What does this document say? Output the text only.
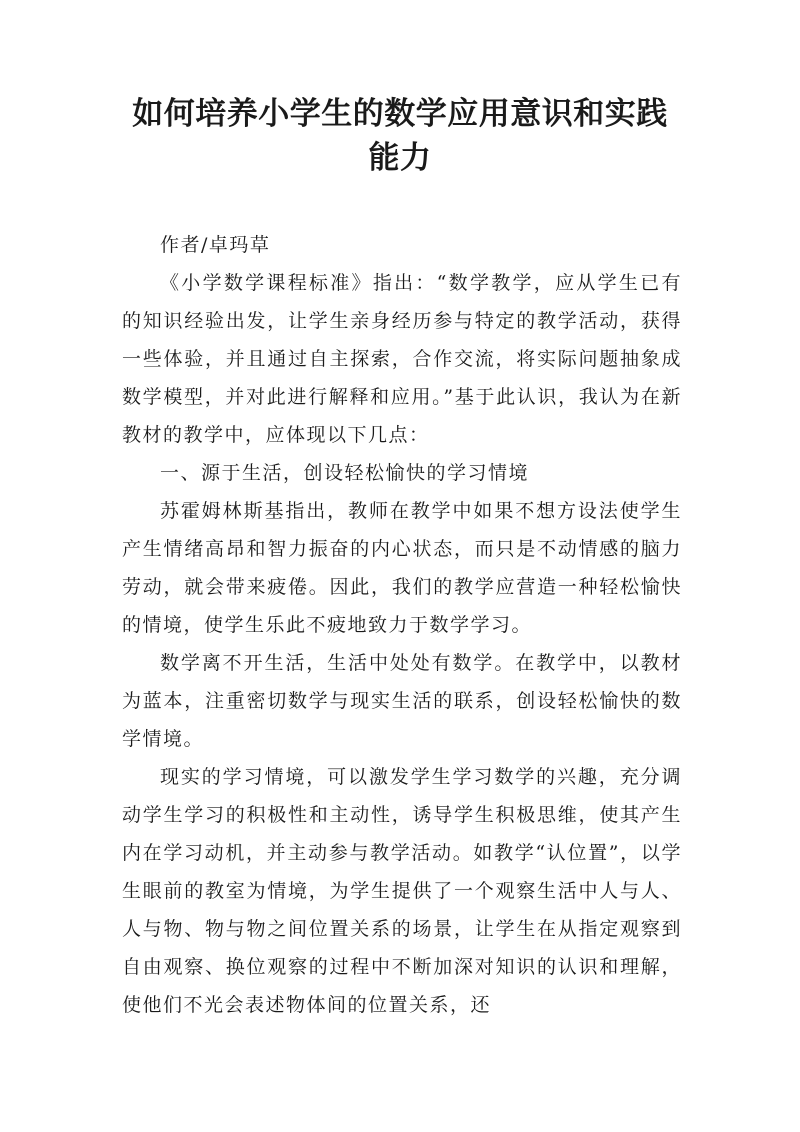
如何培养小学生的数学应用意识和实践能力

作者/卓玛草

《小学数学课程标准》指出：“数学教学，应从学生已有的知识经验出发，让学生亲身经历参与特定的教学活动，获得一些体验，并且通过自主探索，合作交流，将实际问题抽象成数学模型，并对此进行解释和应用。”基于此认识，我认为在新教材的教学中，应体现以下几点：

一、源于生活，创设轻松愉快的学习情境

苏霍姆林斯基指出，教师在教学中如果不想方设法使学生产生情绪高昂和智力振奋的内心状态，而只是不动情感的脑力劳动，就会带来疲倦。因此，我们的教学应营造一种轻松愉快的情境，使学生乐此不疲地致力于数学学习。

数学离不开生活，生活中处处有数学。在教学中，以教材为蓝本，注重密切数学与现实生活的联系，创设轻松愉快的数学情境。

现实的学习情境，可以激发学生学习数学的兴趣，充分调动学生学习的积极性和主动性，诱导学生积极思维，使其产生内在学习动机，并主动参与教学活动。如教学“认位置”，以学生眼前的教室为情境，为学生提供了一个观察生活中人与人、人与物、物与物之间位置关系的场景，让学生在从指定观察到自由观察、换位观察的过程中不断加深对知识的认识和理解，使他们不光会表述物体间的位置关系，还
